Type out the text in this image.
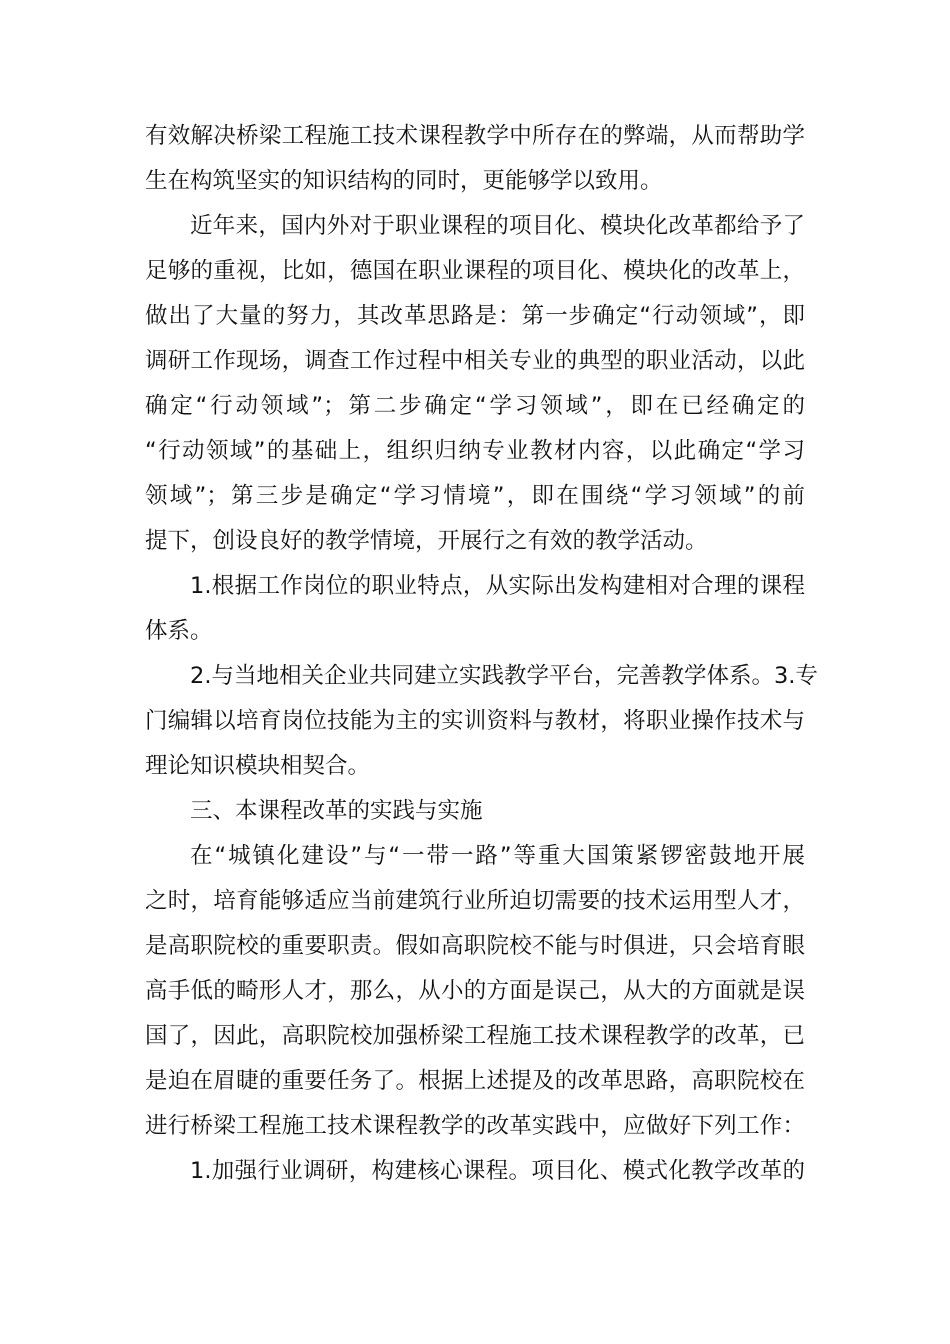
有效解决桥梁工程施工技术课程教学中所存在的弊端，从而帮助学
生在构筑坚实的知识结构的同时，更能够学以致用。
近年来，国内外对于职业课程的项目化、模块化改革都给予了
足够的重视，比如，德国在职业课程的项目化、模块化的改革上，
做出了大量的努力，其改革思路是：第一步确定“行动领域”，即
调研工作现场，调查工作过程中相关专业的典型的职业活动，以此
确定“行动领域”；第二步确定“学习领域”，即在已经确定的
“行动领域”的基础上，组织归纳专业教材内容，以此确定“学习
领域”；第三步是确定“学习情境”，即在围绕“学习领域”的前
提下，创设良好的教学情境，开展行之有效的教学活动。
1.根据工作岗位的职业特点，从实际出发构建相对合理的课程
体系。
2.与当地相关企业共同建立实践教学平台，完善教学体系。3.专
门编辑以培育岗位技能为主的实训资料与教材，将职业操作技术与
理论知识模块相契合。
三、本课程改革的实践与实施
在“城镇化建设”与“一带一路”等重大国策紧锣密鼓地开展
之时，培育能够适应当前建筑行业所迫切需要的技术运用型人才，
是高职院校的重要职责。假如高职院校不能与时俱进，只会培育眼
高手低的畸形人才，那么，从小的方面是误己，从大的方面就是误
国了，因此，高职院校加强桥梁工程施工技术课程教学的改革，已
是迫在眉睫的重要任务了。根据上述提及的改革思路，高职院校在
进行桥梁工程施工技术课程教学的改革实践中，应做好下列工作：
1.加强行业调研，构建核心课程。项目化、模式化教学改革的
